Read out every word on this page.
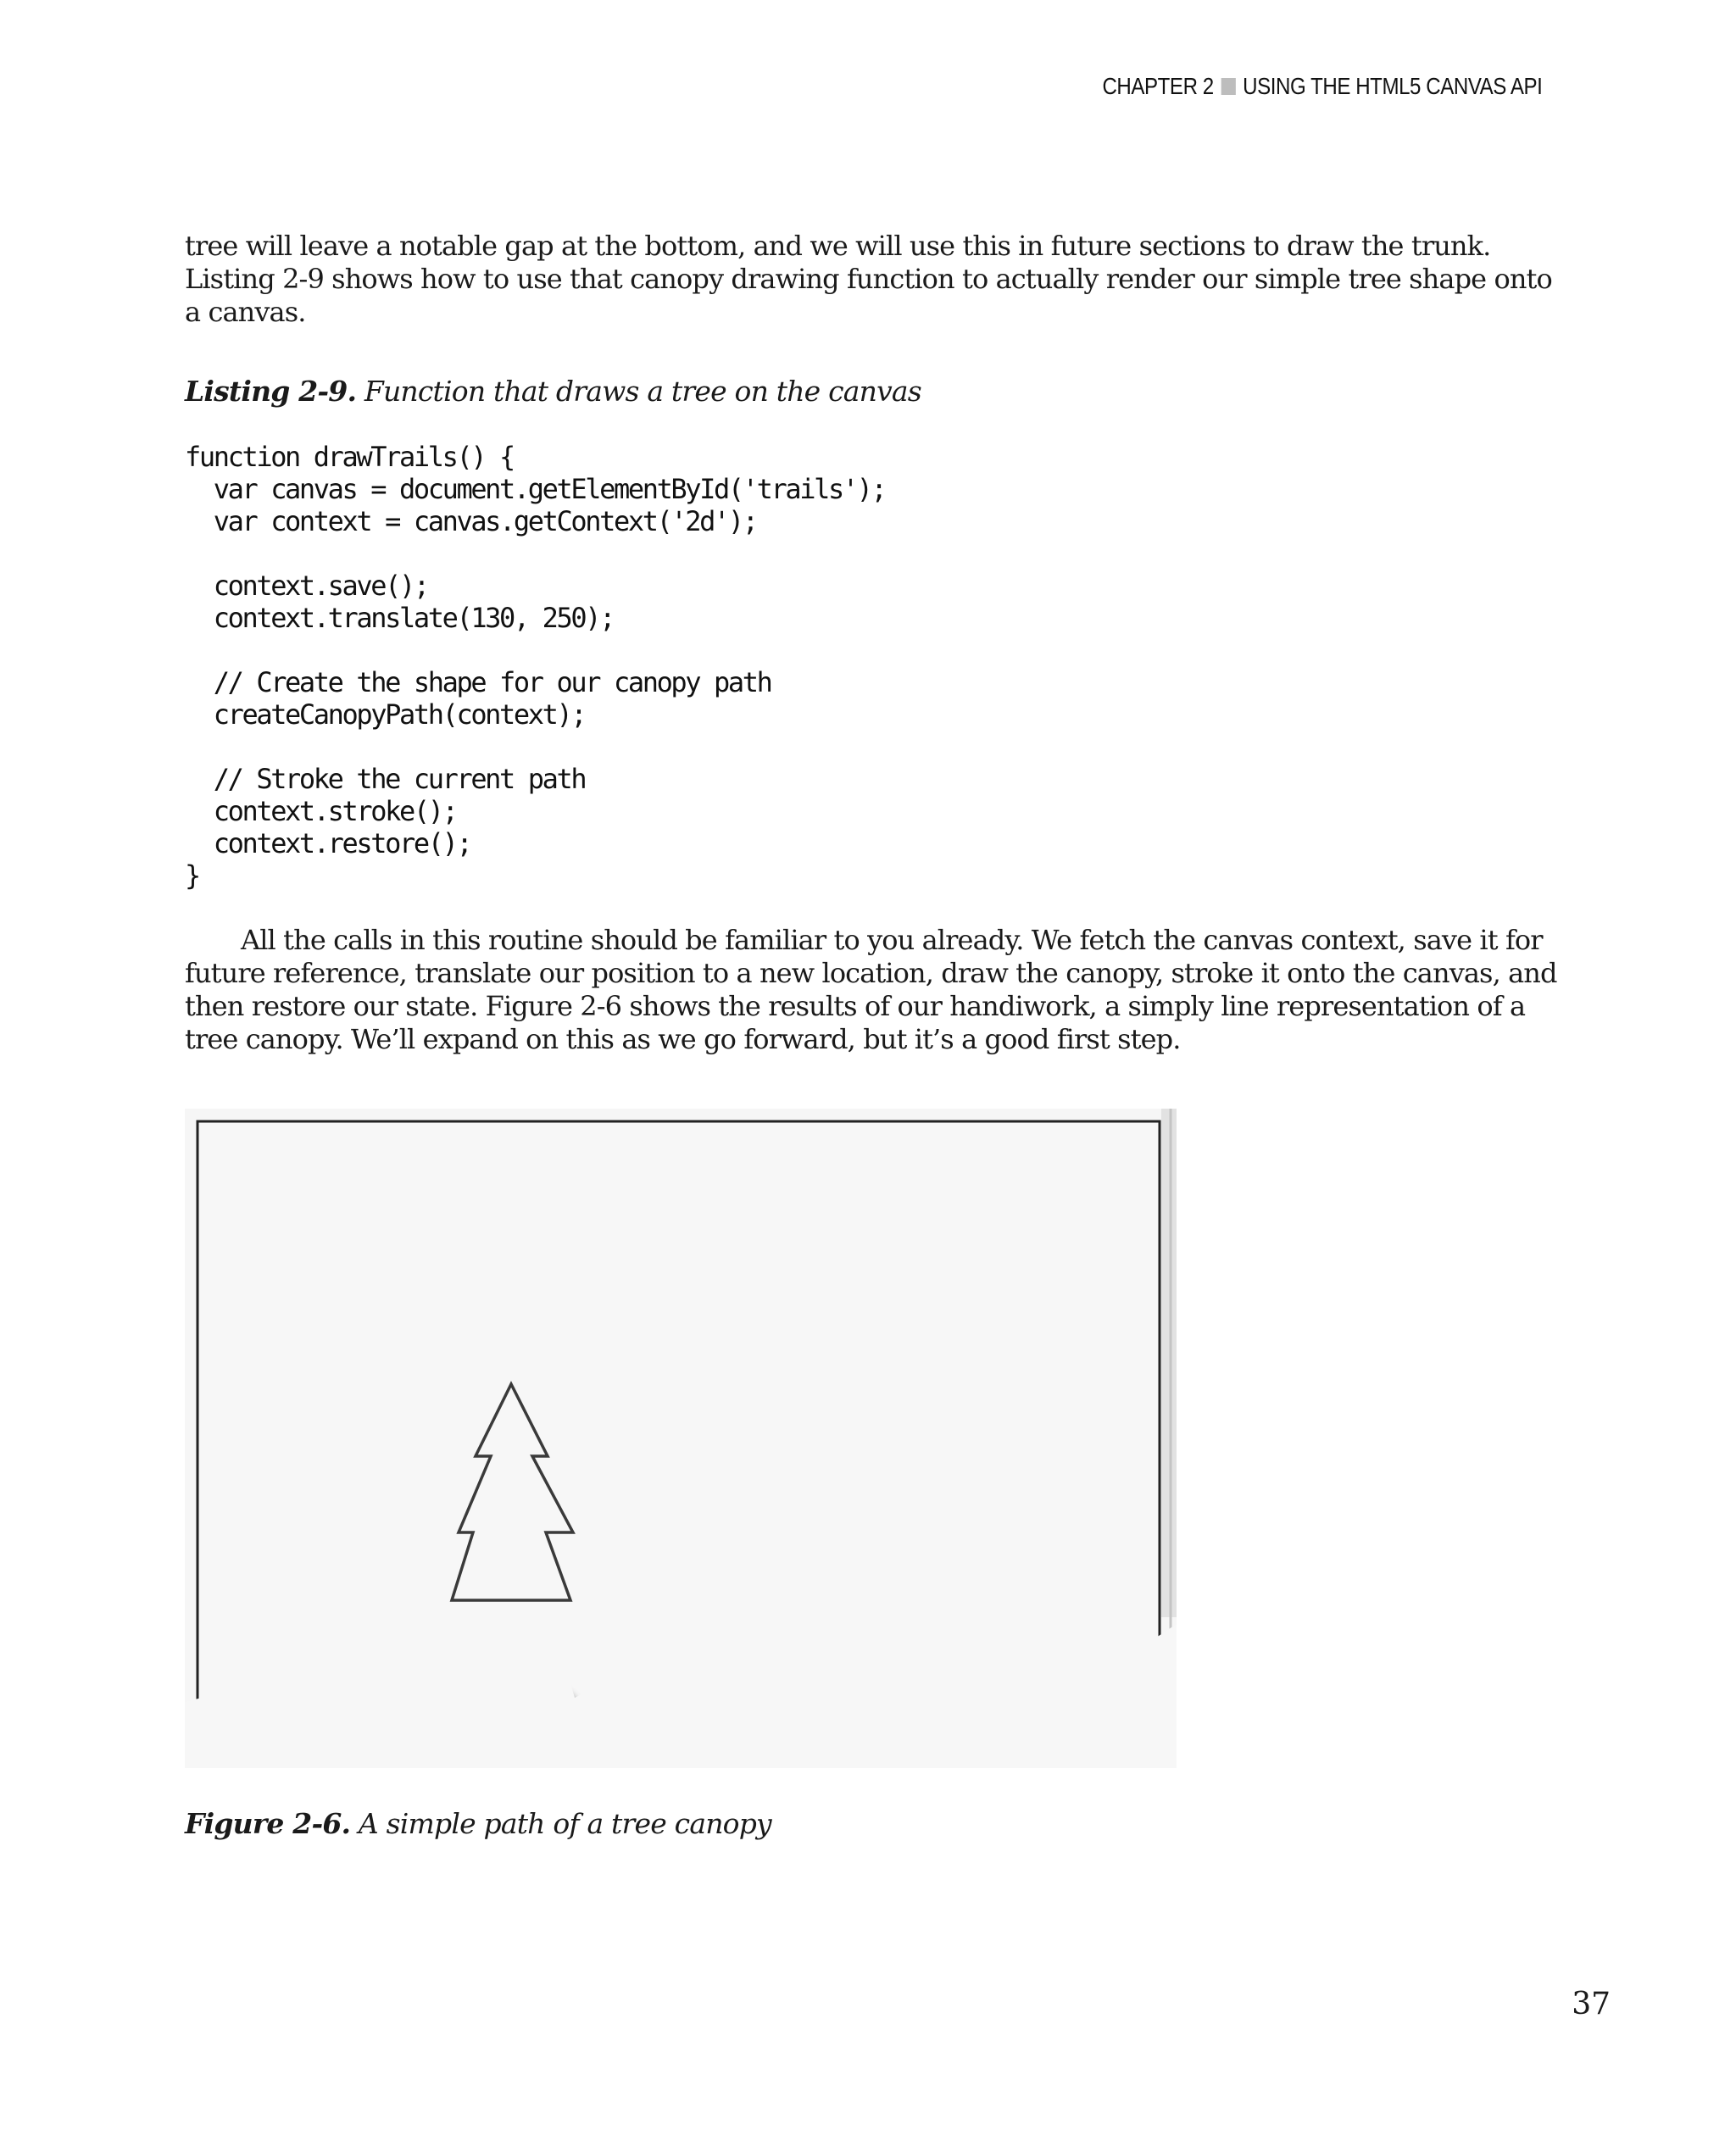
CHAPTER 2 USING THE HTML5 CANVAS API
tree will leave a notable gap at the bottom, and we will use this in future sections to draw the trunk.
Listing 2-9 shows how to use that canopy drawing function to actually render our simple tree shape onto
a canvas.

Listing 2-9. Function that draws a tree on the canvas

function drawTrails() {
var canvas = document.getElementById('trails');
var context = canvas.getContext('2d');
context.save();
context.translate(130, 250);
// Create the shape for our canopy path
createCanopyPath(context);
// Stroke the current path
context.stroke();
context.restore();
}
All the calls in this routine should be familiar to you already. We fetch the canvas context, save it for
future reference, translate our position to a new location, draw the canopy, stroke it onto the canvas, and
then restore our state. Figure 2-6 shows the results of our handiwork, a simply line representation of a
tree canopy. We’ll expand on this as we go forward, but it’s a good first step.

Figure 2-6. A simple path of a tree canopy

37
